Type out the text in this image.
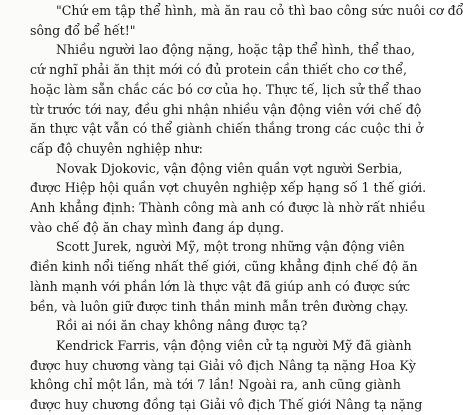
"Chứ em tập thể hình, mà ăn rau cỏ thì bao công sức nuôi cơ đổ
sông đổ bể hết!"

Nhiều người lao động nặng, hoặc tập thể hình, thể thao,
cứ nghĩ phải ăn thịt mới có đủ protein cần thiết cho cơ thể,
hoặc làm sẵn chắc các bó cơ của họ. Thực tế, lịch sử thể thao
từ trước tới nay, đều ghi nhận nhiều vận động viên với chế độ
ăn thực vật vẫn có thể giành chiến thắng trong các cuộc thi ở
cấp độ chuyên nghiệp như:

Novak Djokovic, vận động viên quần vợt người Serbia,
được Hiệp hội quần vợt chuyên nghiệp xếp hạng số 1 thế giới.
Anh khẳng định: Thành công mà anh có được là nhờ rất nhiều
vào chế độ ăn chay mình đang áp dụng.

Scott Jurek, người Mỹ, một trong những vận động viên
điền kinh nổi tiếng nhất thế giới, cũng khẳng định chế độ ăn
lành mạnh với phần lớn là thực vật đã giúp anh có được sức
bền, và luôn giữ được tinh thần minh mẫn trên đường chạy.

Rồi ai nói ăn chay không nâng được tạ?

Kendrick Farris, vận động viên cử tạ người Mỹ đã giành
được huy chương vàng tại Giải vô địch Nâng tạ nặng Hoa Kỳ
không chỉ một lần, mà tới 7 lần! Ngoài ra, anh cũng giành
được huy chương đồng tại Giải vô địch Thế giới Nâng tạ nặng
